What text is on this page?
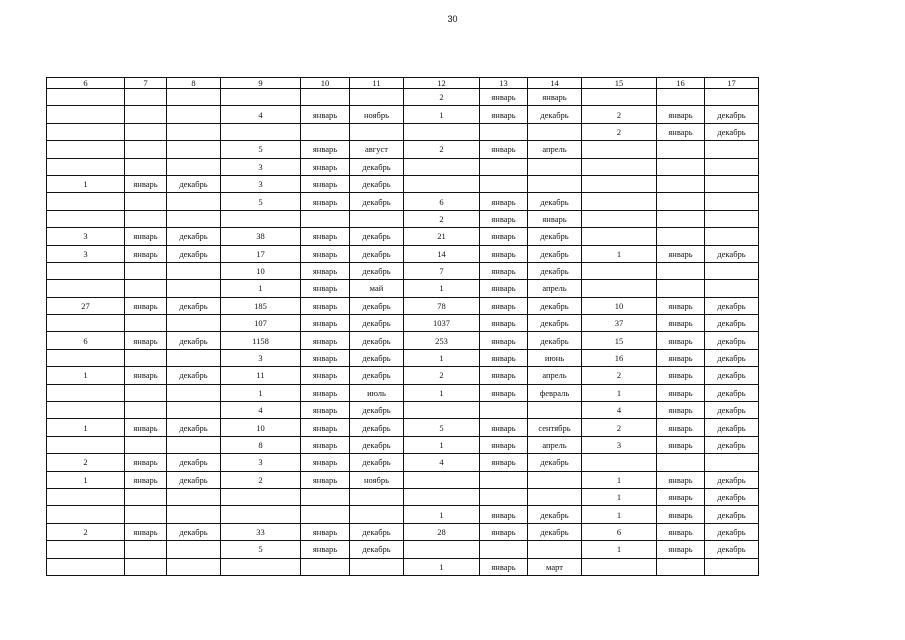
30
6	7	8	9	10	11	12	13	14	15	16	17
						2	январь	январь			
			4	январь	ноябрь	1	январь	декабрь	2	январь	декабрь
									2	январь	декабрь
			5	январь	август	2	январь	апрель			
			3	январь	декабрь						
1	январь	декабрь	3	январь	декабрь						
			5	январь	декабрь	6	январь	декабрь			
						2	январь	январь			
3	январь	декабрь	38	январь	декабрь	21	январь	декабрь			
3	январь	декабрь	17	январь	декабрь	14	январь	декабрь	1	январь	декабрь
			10	январь	декабрь	7	январь	декабрь			
			1	январь	май	1	январь	апрель			
27	январь	декабрь	185	январь	декабрь	78	январь	декабрь	10	январь	декабрь
			107	январь	декабрь	1037	январь	декабрь	37	январь	декабрь
6	январь	декабрь	1158	январь	декабрь	253	январь	декабрь	15	январь	декабрь
			3	январь	декабрь	1	январь	июнь	16	январь	декабрь
1	январь	декабрь	11	январь	декабрь	2	январь	апрель	2	январь	декабрь
			1	январь	июль	1	январь	февраль	1	январь	декабрь
			4	январь	декабрь				4	январь	декабрь
1	январь	декабрь	10	январь	декабрь	5	январь	сентябрь	2	январь	декабрь
			8	январь	декабрь	1	январь	апрель	3	январь	декабрь
2	январь	декабрь	3	январь	декабрь	4	январь	декабрь			
1	январь	декабрь	2	январь	ноябрь				1	январь	декабрь
									1	январь	декабрь
						1	январь	декабрь	1	январь	декабрь
2	январь	декабрь	33	январь	декабрь	28	январь	декабрь	6	январь	декабрь
			5	январь	декабрь				1	январь	декабрь
						1	январь	март			
